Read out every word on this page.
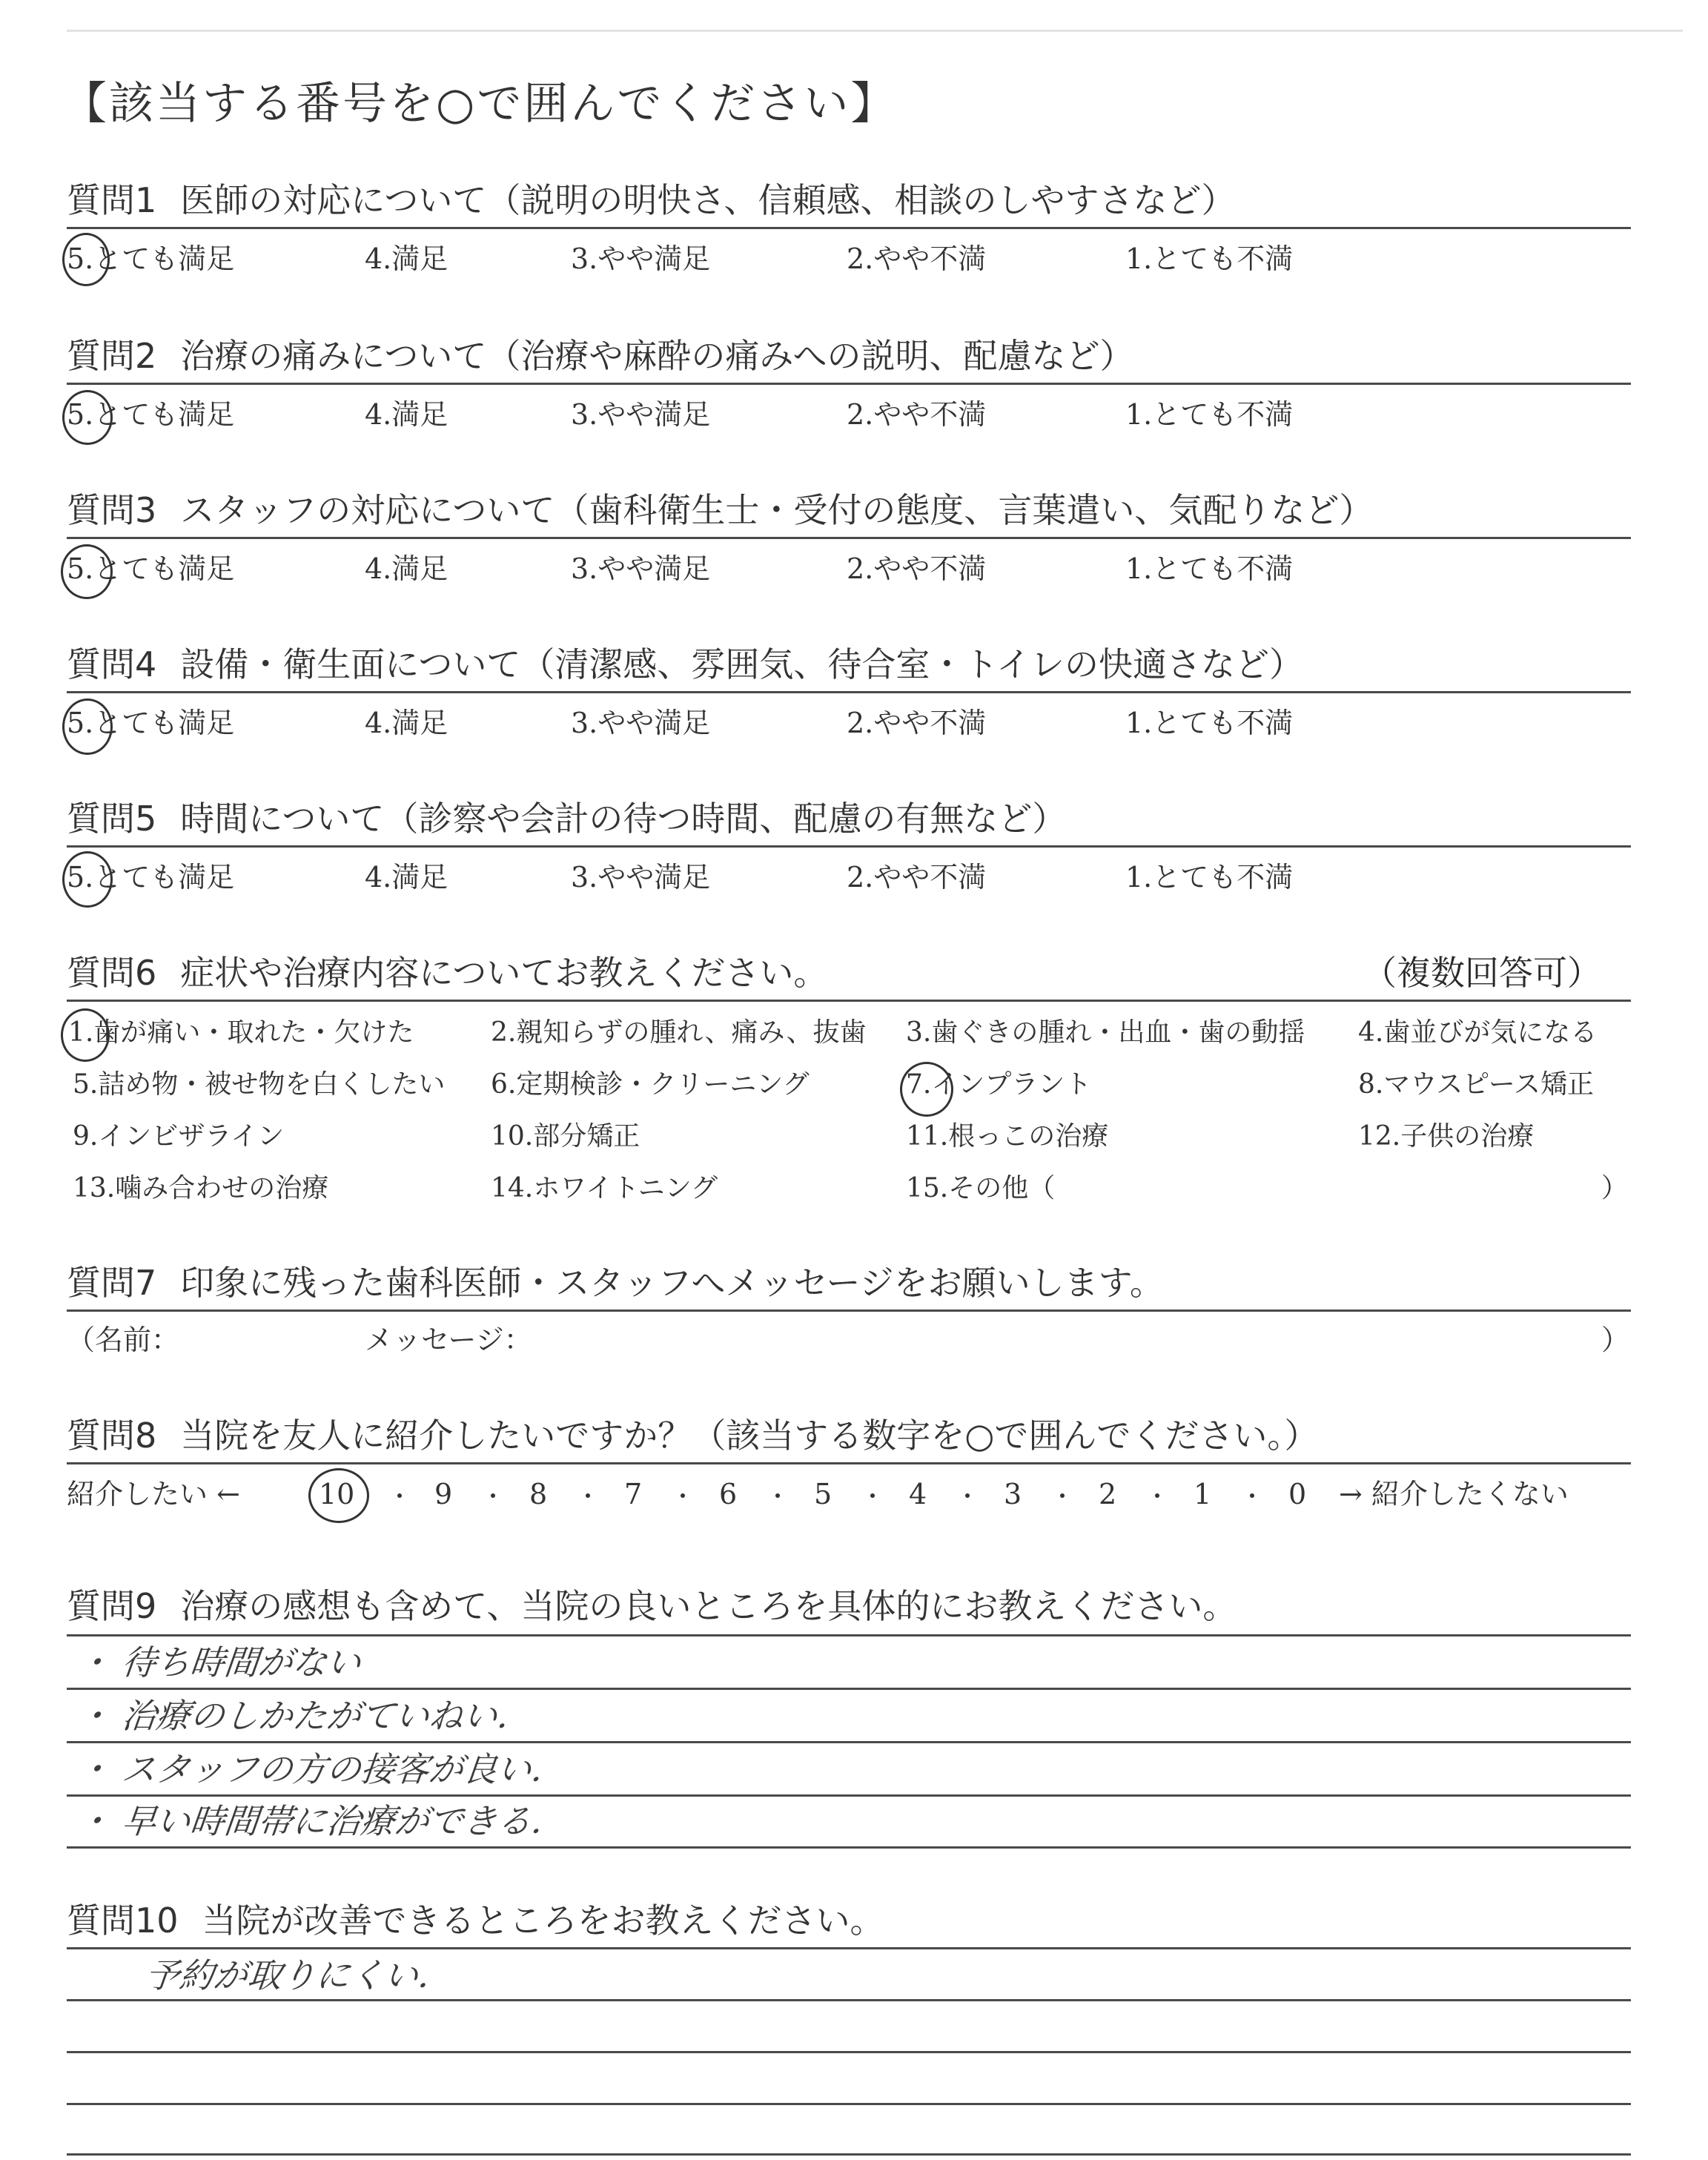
【該当する番号を○で囲んでください】
質問1 医師の対応について（説明の明快さ、信頼感、相談のしやすさなど）
5.とても満足	4.満足	3.やや満足	2.やや不満	1.とても不満
質問2 治療の痛みについて（治療や麻酔の痛みへの説明、配慮など）
5.とても満足	4.満足	3.やや満足	2.やや不満	1.とても不満
質問3 スタッフの対応について（歯科衛生士・受付の態度、言葉遣い、気配りなど）
5.とても満足	4.満足	3.やや満足	2.やや不満	1.とても不満
質問4 設備・衛生面について（清潔感、雰囲気、待合室・トイレの快適さなど）
5.とても満足	4.満足	3.やや満足	2.やや不満	1.とても不満
質問5 時間について（診察や会計の待つ時間、配慮の有無など）
5.とても満足	4.満足	3.やや満足	2.やや不満	1.とても不満
質問6 症状や治療内容についてお教えください。	（複数回答可）
1.歯が痛い・取れた・欠けた	2.親知らずの腫れ、痛み、抜歯 3.歯ぐきの腫れ・出血・歯の動揺 4.歯並びが気になる
5.詰め物・被せ物を白くしたい 6.定期検診・クリーニング	7.インプラント	8.マウスピース矯正
9.インビザライン	10.部分矯正	11.根っこの治療	12.子供の治療
13.噛み合わせの治療	14.ホワイトニング	15.その他（	）
質問7 印象に残った歯科医師・スタッフへメッセージをお願いします。
（名前：	メッセージ：	）
質問8 当院を友人に紹介したいですか？（該当する数字を○で囲んでください。）
紹介したい ←	10	9	8	7	6	5	4	3	2	1	0 → 紹介したくない
質問9 治療の感想も含めて、当院の良いところを具体的にお教えください。
・ 待ち時間がない
・ 治療のしかたがていねい．
・ スタッフの方の接客が良い．
・ 早い時間帯に治療ができる．
質問10 当院が改善できるところをお教えください。
予約が取りにくい．
